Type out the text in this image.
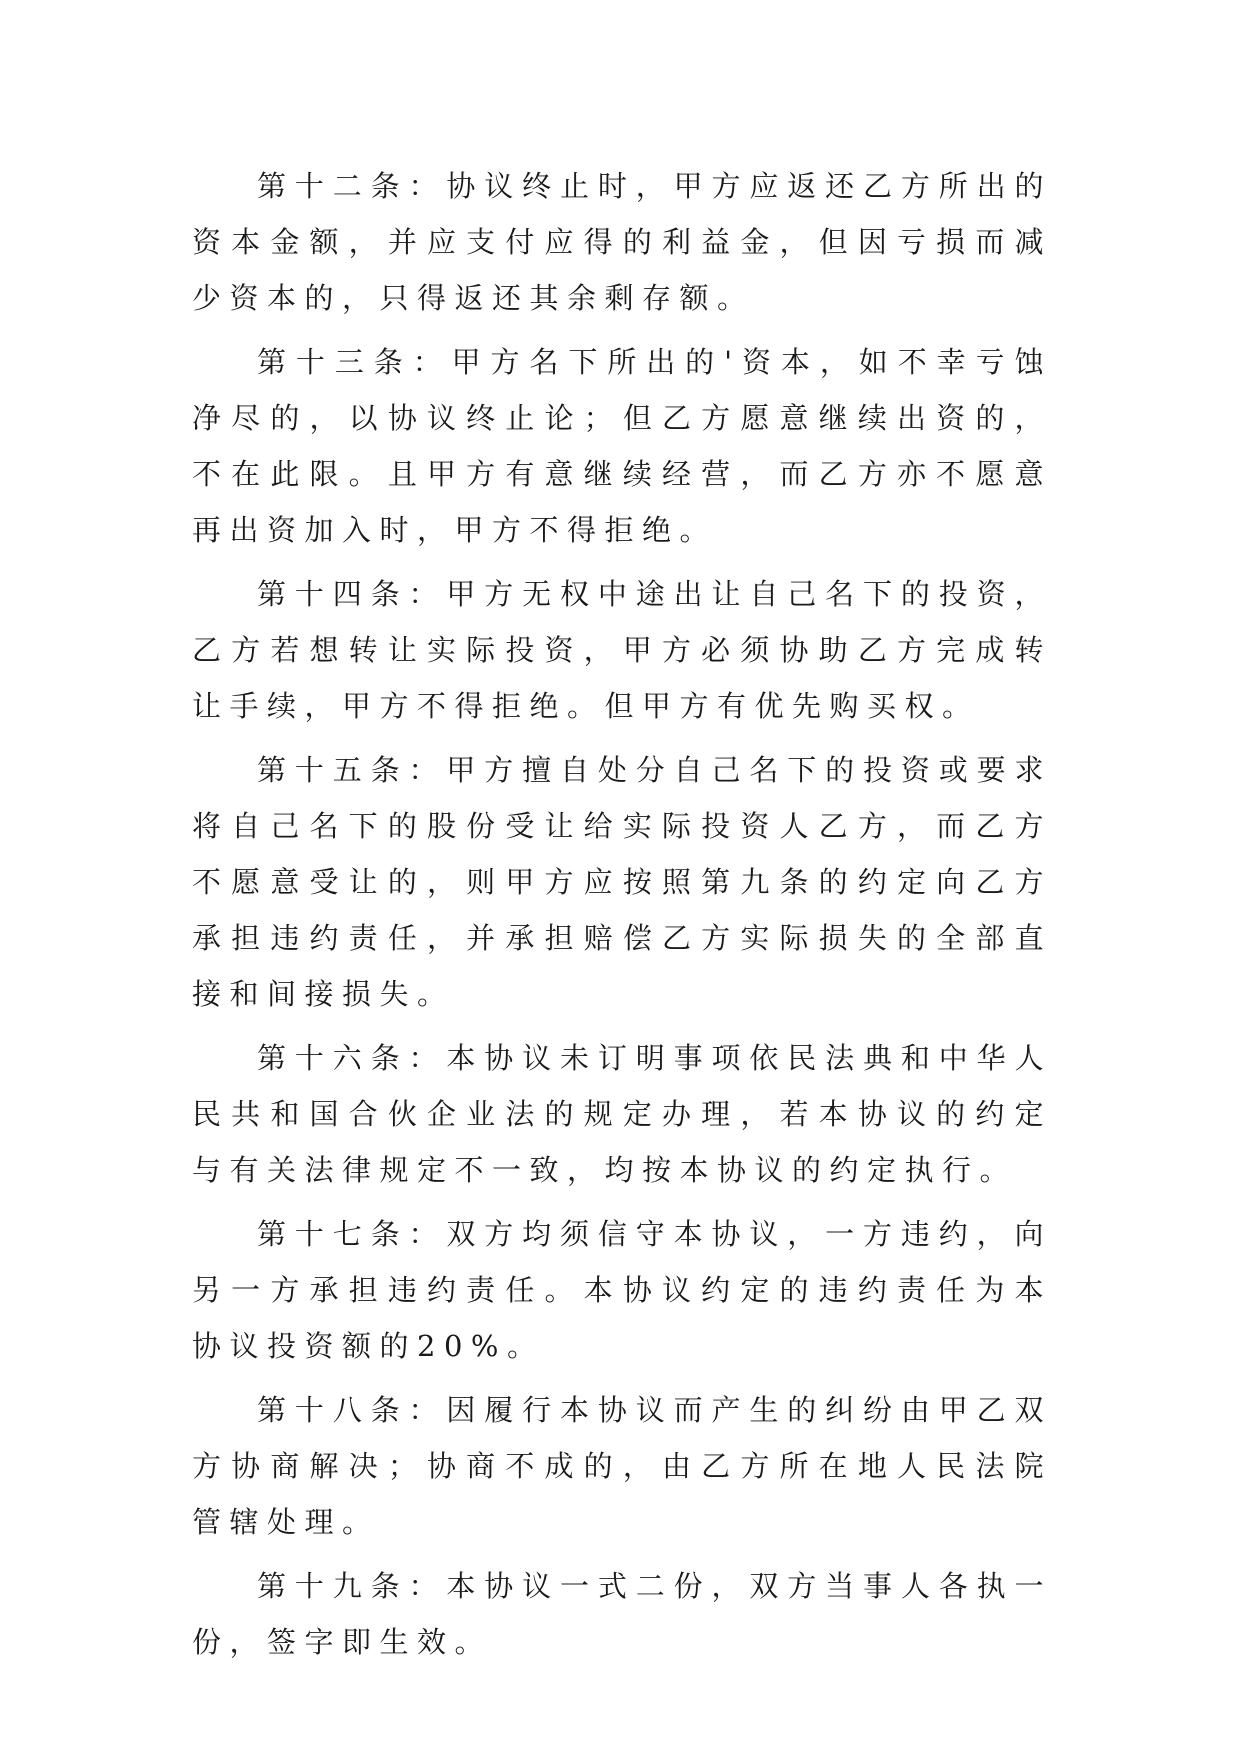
第十二条：协议终止时，甲方应返还乙方所出的资本金额，并应支付应得的利益金，但因亏损而减少资本的，只得返还其余剩存额。

第十三条：甲方名下所出的'资本，如不幸亏蚀净尽的，以协议终止论；但乙方愿意继续出资的，不在此限。且甲方有意继续经营，而乙方亦不愿意再出资加入时，甲方不得拒绝。

第十四条：甲方无权中途出让自己名下的投资，乙方若想转让实际投资，甲方必须协助乙方完成转让手续，甲方不得拒绝。但甲方有优先购买权。

第十五条：甲方擅自处分自己名下的投资或要求将自己名下的股份受让给实际投资人乙方，而乙方不愿意受让的，则甲方应按照第九条的约定向乙方承担违约责任，并承担赔偿乙方实际损失的全部直接和间接损失。

第十六条：本协议未订明事项依民法典和中华人民共和国合伙企业法的规定办理，若本协议的约定与有关法律规定不一致，均按本协议的约定执行。

第十七条：双方均须信守本协议，一方违约，向另一方承担违约责任。本协议约定的违约责任为本协议投资额的20%。

第十八条：因履行本协议而产生的纠纷由甲乙双方协商解决；协商不成的，由乙方所在地人民法院管辖处理。

第十九条：本协议一式二份，双方当事人各执一份，签字即生效。
